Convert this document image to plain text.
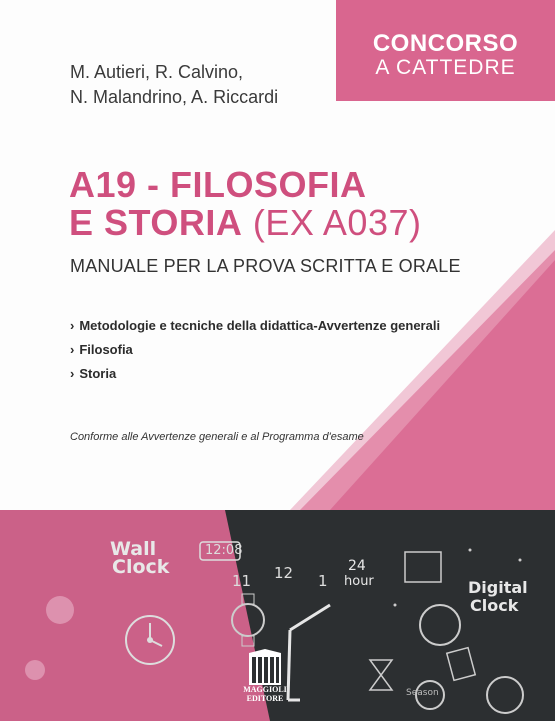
CONCORSO
A CATTEDRE
M. Autieri, R. Calvino,
N. Malandrino, A. Riccardi
A19 - FILOSOFIA
E STORIA (EX A037)
MANUALE PER LA PROVA SCRITTA E ORALE
› Metodologie e tecniche della didattica-Avvertenze generali
› Filosofia
› Storia
Conforme alle Avvertenze generali e al Programma d'esame
Wall
Clock
12:08
11 12 1
24
hour	Digital
Clock
Season
MAGGIOLI
EDITORE
